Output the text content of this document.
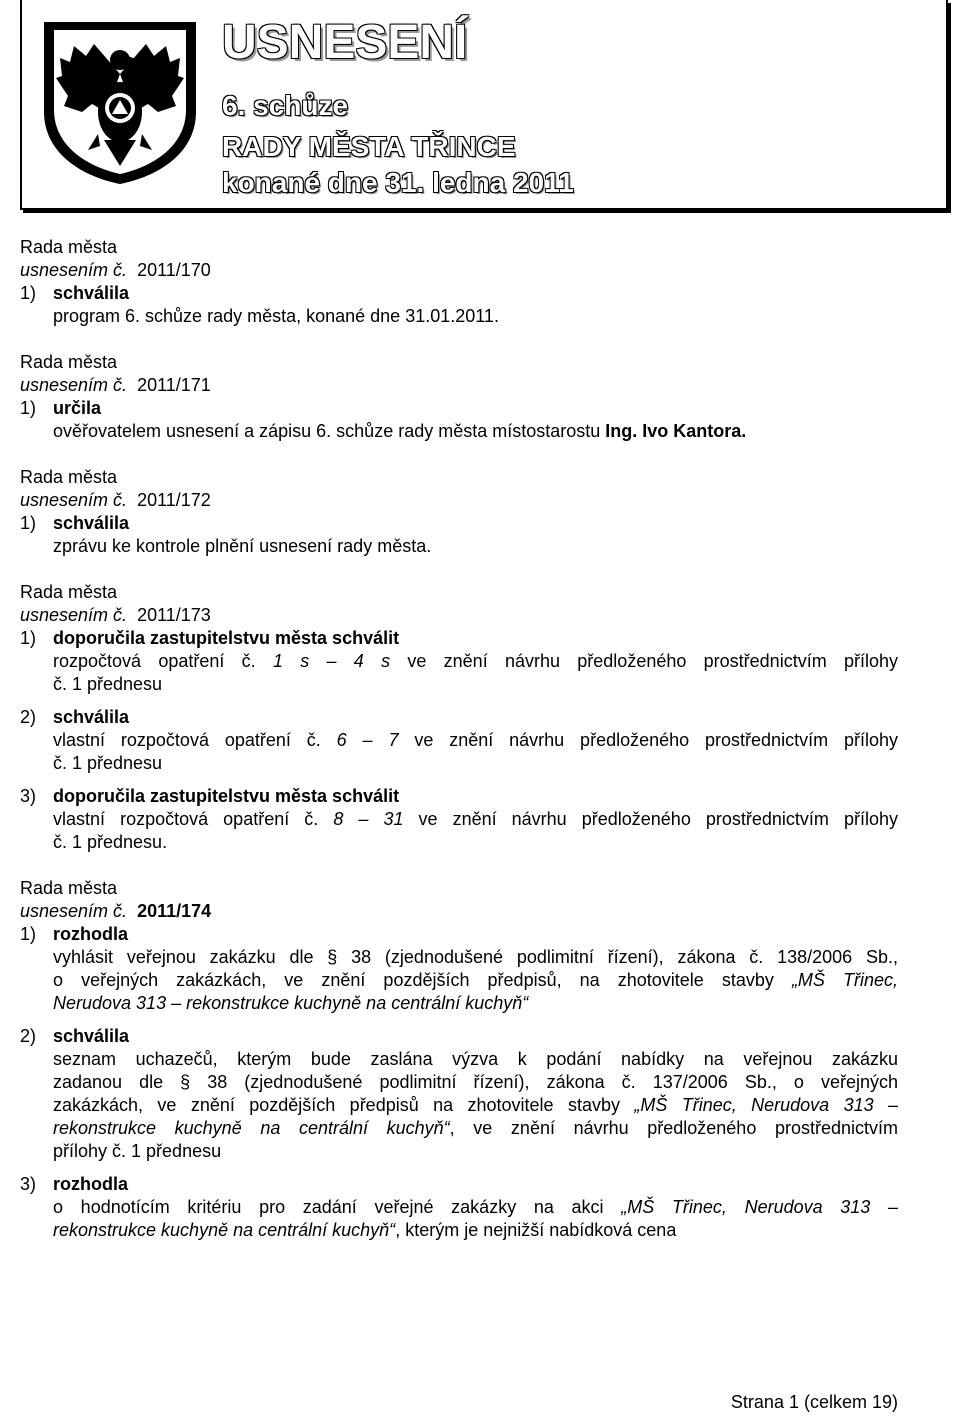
USNESENÍ
6. schůze
RADY MĚSTA TŘINCE
konané dne 31. ledna 2011
Rada města
usnesením č. 2011/170
1) schválila
program 6. schůze rady města, konané dne 31.01.2011.
Rada města
usnesením č. 2011/171
1) určila
ověřovatelem usnesení a zápisu 6. schůze rady města místostarostu Ing. Ivo Kantora.
Rada města
usnesením č. 2011/172
1) schválila
zprávu ke kontrole plnění usnesení rady města.
Rada města
usnesením č. 2011/173
1) doporučila zastupitelstvu města schválit
rozpočtová opatření č. 1 s – 4 s ve znění návrhu předloženého prostřednictvím přílohy
č. 1 přednesu
2) schválila
vlastní rozpočtová opatření č. 6 – 7 ve znění návrhu předloženého prostřednictvím přílohy
č. 1 přednesu
3) doporučila zastupitelstvu města schválit
vlastní rozpočtová opatření č. 8 – 31 ve znění návrhu předloženého prostřednictvím přílohy
č. 1 přednesu.
Rada města
usnesením č. 2011/174
1) rozhodla
vyhlásit veřejnou zakázku dle § 38 (zjednodušené podlimitní řízení), zákona č. 138/2006 Sb.,
o veřejných zakázkách, ve znění pozdějších předpisů, na zhotovitele stavby „MŠ Třinec,
Nerudova 313 – rekonstrukce kuchyně na centrální kuchyň“
2) schválila
seznam uchazečů, kterým bude zaslána výzva k podání nabídky na veřejnou zakázku
zadanou dle § 38 (zjednodušené podlimitní řízení), zákona č. 137/2006 Sb., o veřejných
zakázkách, ve znění pozdějších předpisů na zhotovitele stavby „MŠ Třinec, Nerudova 313 –
rekonstrukce kuchyně na centrální kuchyň“, ve znění návrhu předloženého prostřednictvím
přílohy č. 1 přednesu
3) rozhodla
o hodnotícím kritériu pro zadání veřejné zakázky na akci „MŠ Třinec, Nerudova 313 –
rekonstrukce kuchyně na centrální kuchyň“, kterým je nejnižší nabídková cena
Strana 1 (celkem 19)
